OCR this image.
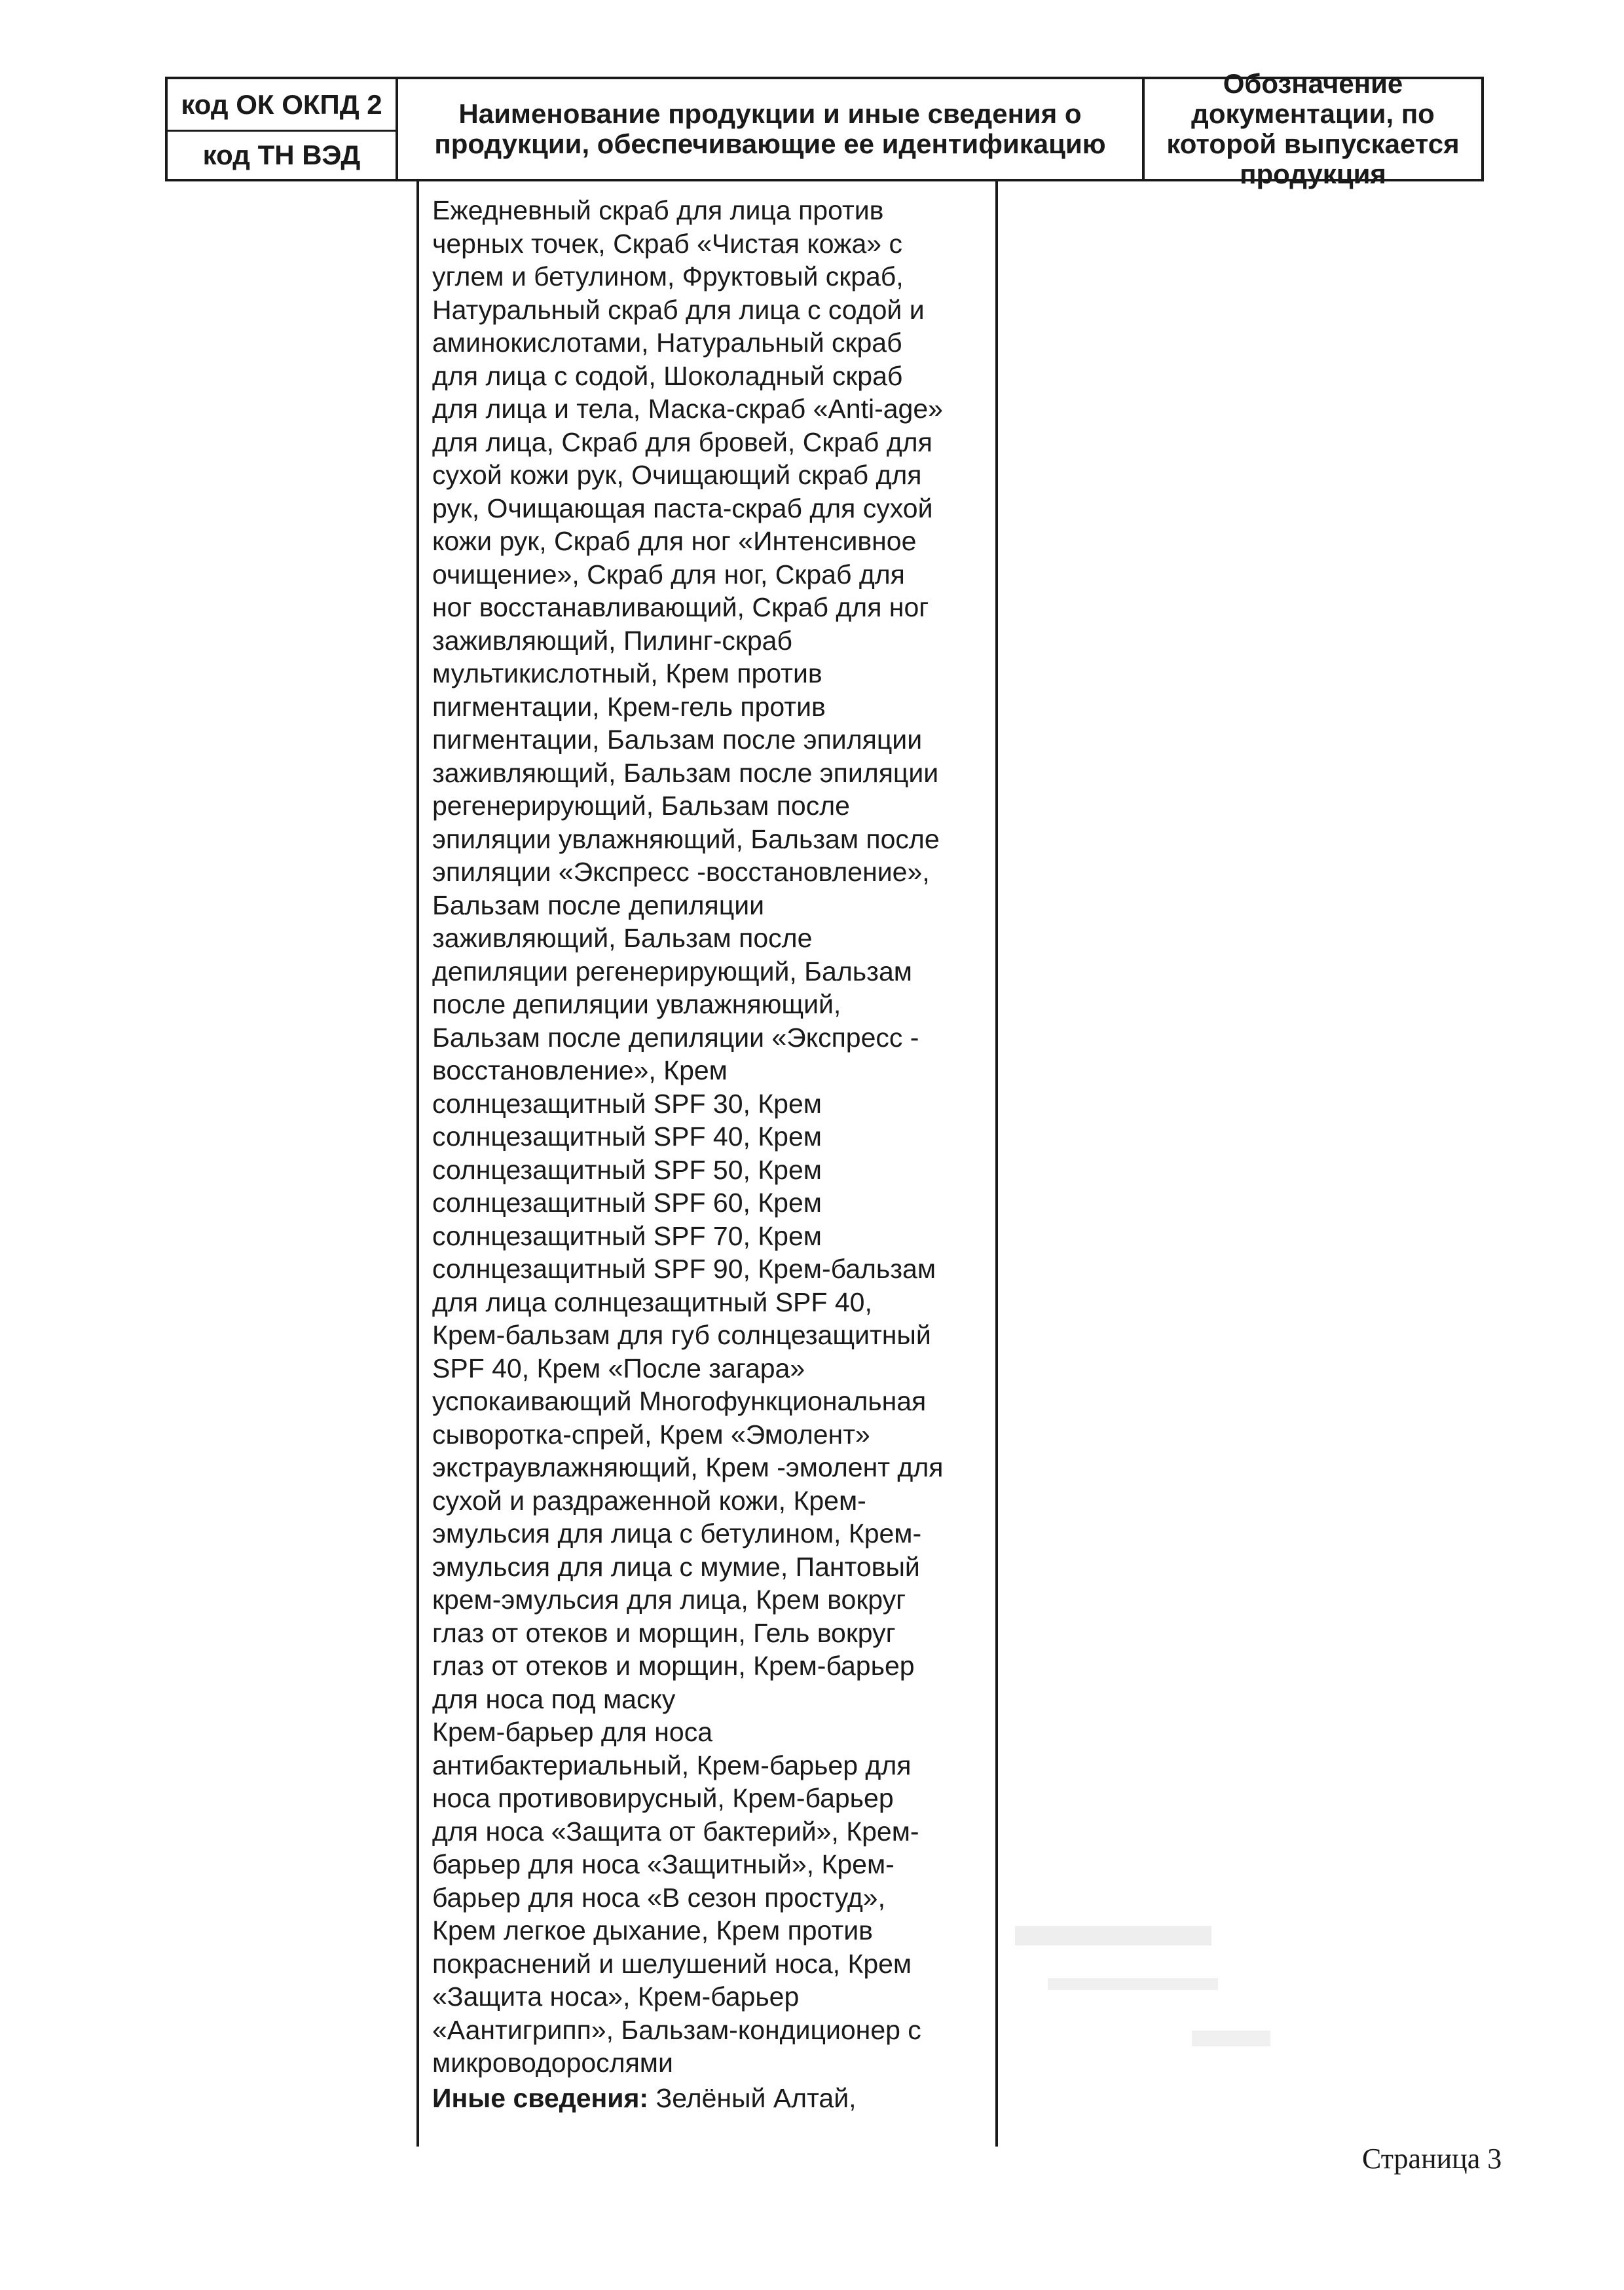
код ОК ОКПД 2
код ТН ВЭД
Наименование продукции и иные сведения о продукции, обеспечивающие ее идентификацию
Обозначение документации, по которой выпускается продукция
Ежедневный скраб для лица против
черных точек, Скраб «Чистая кожа» с
углем и бетулином, Фруктовый скраб,
Натуральный скраб для лица с содой и
аминокислотами, Натуральный скраб
для лица с содой, Шоколадный скраб
для лица и тела, Маска-скраб «Anti-age»
для лица, Скраб для бровей, Скраб для
сухой кожи рук, Очищающий скраб для
рук, Очищающая паста-скраб для сухой
кожи рук, Скраб для ног «Интенсивное
очищение», Скраб для ног, Скраб для
ног восстанавливающий, Скраб для ног
заживляющий, Пилинг-скраб
мультикислотный, Крем против
пигментации, Крем-гель против
пигментации, Бальзам после эпиляции
заживляющий, Бальзам после эпиляции
регенерирующий, Бальзам после
эпиляции увлажняющий, Бальзам после
эпиляции «Экспресс -восстановление»,
Бальзам после депиляции
заживляющий, Бальзам после
депиляции регенерирующий, Бальзам
после депиляции увлажняющий,
Бальзам после депиляции «Экспресс -
восстановление», Крем
солнцезащитный SPF 30, Крем
солнцезащитный SPF 40, Крем
солнцезащитный SPF 50, Крем
солнцезащитный SPF 60, Крем
солнцезащитный SPF 70, Крем
солнцезащитный SPF 90, Крем-бальзам
для лица солнцезащитный SPF 40,
Крем-бальзам для губ солнцезащитный
SPF 40, Крем «После загара»
успокаивающий Многофункциональная
сыворотка-спрей, Крем «Эмолент»
экстраувлажняющий, Крем -эмолент для
сухой и раздраженной кожи, Крем-
эмульсия для лица с бетулином, Крем-
эмульсия для лица с мумие, Пантовый
крем-эмульсия для лица, Крем вокруг
глаз от отеков и морщин, Гель вокруг
глаз от отеков и морщин, Крем-барьер
для носа под маску
Крем-барьер для носа
антибактериальный, Крем-барьер для
носа противовирусный, Крем-барьер
для носа «Защита от бактерий», Крем-
барьер для носа «Защитный», Крем-
барьер для носа «В сезон простуд»,
Крем легкое дыхание, Крем против
покраснений и шелушений носа, Крем
«Защита носа», Крем-барьер
«Аантигрипп», Бальзам-кондиционер с
микроводорослями
Иные сведения: Зелёный Алтай,
Страница 3
